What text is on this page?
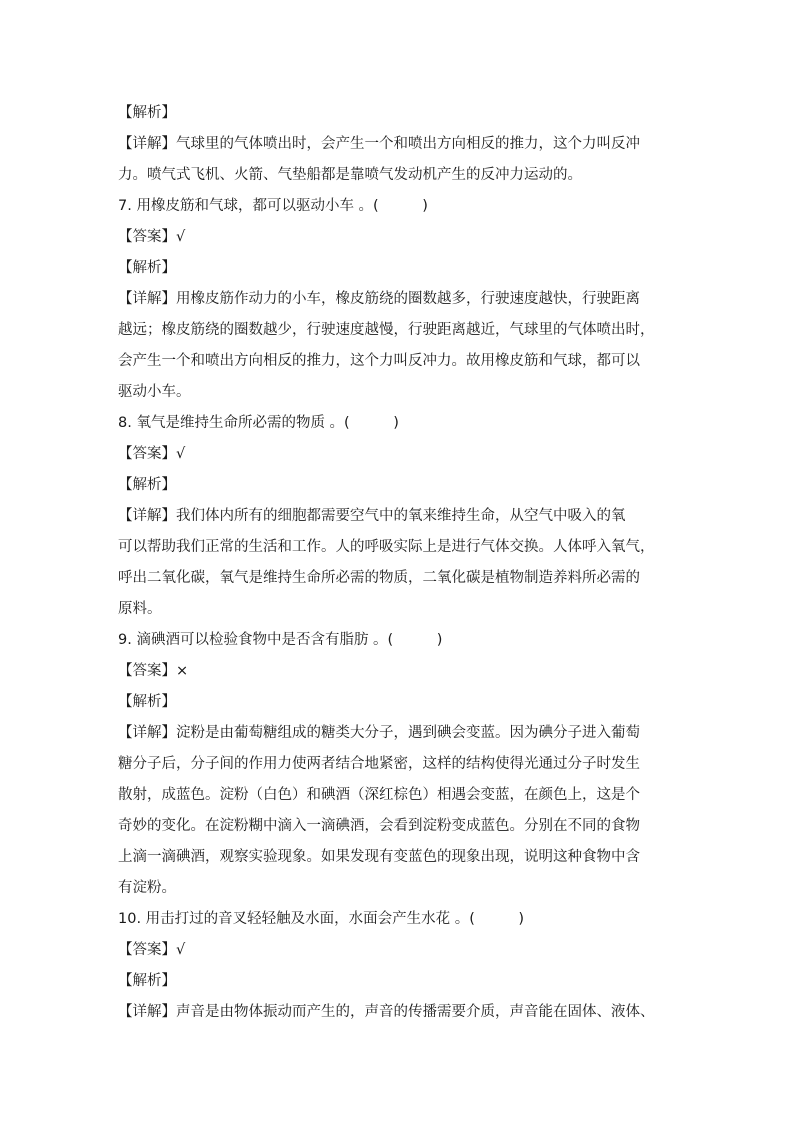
【解析】
【详解】气球里的气体喷出时，会产生一个和喷出方向相反的推力，这个力叫反冲
力。喷气式飞机、火箭、气垫船都是靠喷气发动机产生的反冲力运动的。
7. 用橡皮筋和气球，都可以驱动小车 。(　　　)
【答案】√
【解析】
【详解】用橡皮筋作动力的小车，橡皮筋绕的圈数越多，行驶速度越快，行驶距离
越远；橡皮筋绕的圈数越少，行驶速度越慢，行驶距离越近，气球里的气体喷出时，
会产生一个和喷出方向相反的推力，这个力叫反冲力。故用橡皮筋和气球，都可以
驱动小车。
8. 氧气是维持生命所必需的物质 。(　　　)
【答案】√
【解析】
【详解】我们体内所有的细胞都需要空气中的氧来维持生命，从空气中吸入的氧
可以帮助我们正常的生活和工作。人的呼吸实际上是进行气体交换。人体呼入氧气，
呼出二氧化碳，氧气是维持生命所必需的物质，二氧化碳是植物制造养料所必需的
原料。
9. 滴碘酒可以检验食物中是否含有脂肪 。(　　　)
【答案】×
【解析】
【详解】淀粉是由葡萄糖组成的糖类大分子，遇到碘会变蓝。因为碘分子进入葡萄
糖分子后，分子间的作用力使两者结合地紧密，这样的结构使得光通过分子时发生
散射，成蓝色。淀粉（白色）和碘酒（深红棕色）相遇会变蓝，在颜色上，这是个
奇妙的变化。在淀粉糊中滴入一滴碘酒，会看到淀粉变成蓝色。分别在不同的食物
上滴一滴碘酒，观察实验现象。如果发现有变蓝色的现象出现，说明这种食物中含
有淀粉。
10. 用击打过的音叉轻轻触及水面，水面会产生水花 。(　　　)
【答案】√
【解析】
【详解】声音是由物体振动而产生的，声音的传播需要介质，声音能在固体、液体、
